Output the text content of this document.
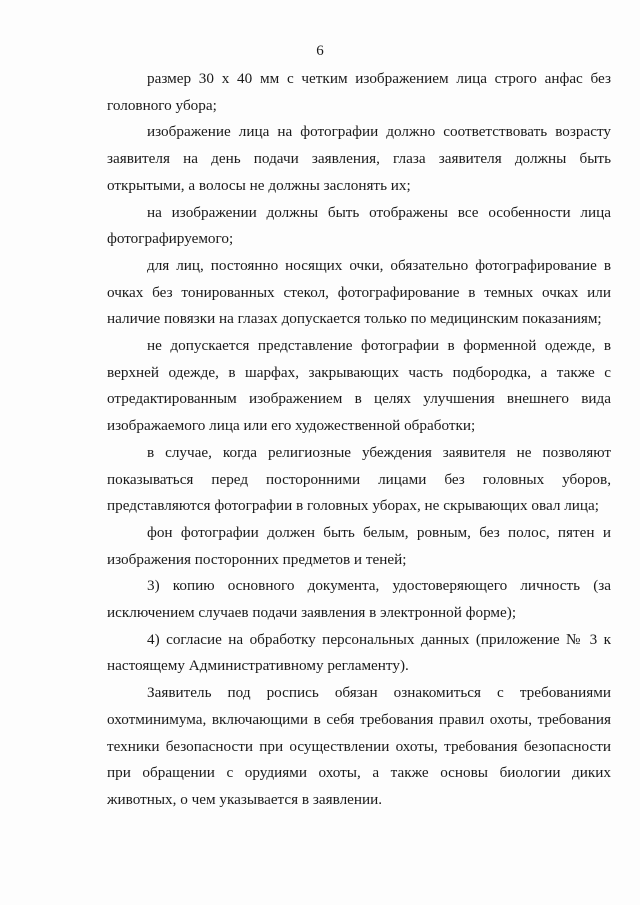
6

размер 30 х 40 мм с четким изображением лица строго анфас без головного убора;

изображение лица на фотографии должно соответствовать возрасту заявителя на день подачи заявления, глаза заявителя должны быть открытыми, а волосы не должны заслонять их;

на изображении должны быть отображены все особенности лица фотографируемого;

для лиц, постоянно носящих очки, обязательно фотографирование в очках без тонированных стекол, фотографирование в темных очках или наличие повязки на глазах допускается только по медицинским показаниям;

не допускается представление фотографии в форменной одежде, в верхней одежде, в шарфах, закрывающих часть подбородка, а также с отредактированным изображением в целях улучшения внешнего вида изображаемого лица или его художественной обработки;

в случае, когда религиозные убеждения заявителя не позволяют показываться перед посторонними лицами без головных уборов, представляются фотографии в головных уборах, не скрывающих овал лица;

фон фотографии должен быть белым, ровным, без полос, пятен и изображения посторонних предметов и теней;

3) копию основного документа, удостоверяющего личность (за исключением случаев подачи заявления в электронной форме);

4) согласие на обработку персональных данных (приложение № 3 к настоящему Административному регламенту).

Заявитель под роспись обязан ознакомиться с требованиями охотминимума, включающими в себя требования правил охоты, требования техники безопасности при осуществлении охоты, требования безопасности при обращении с орудиями охоты, а также основы биологии диких животных, о чем указывается в заявлении.
